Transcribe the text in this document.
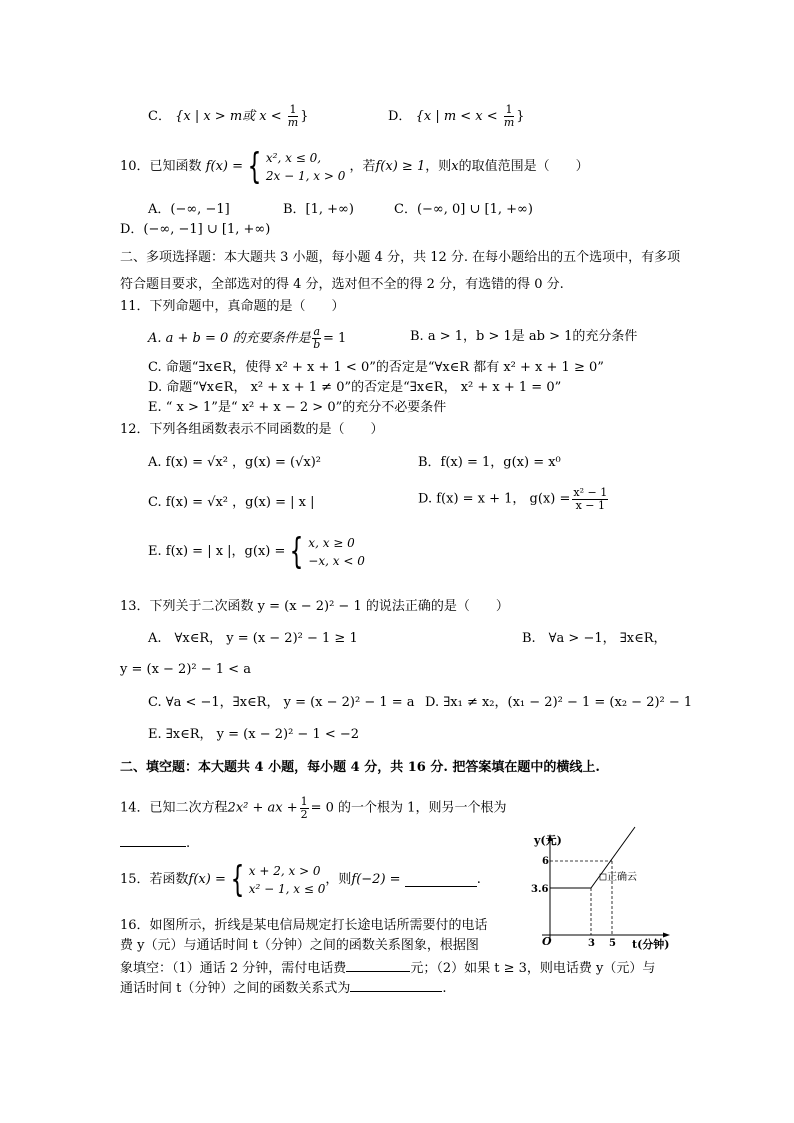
C． {x | x > m或 $x < \frac{1}{m}$ }	D． {x | $m < x < \frac{1}{m}$ }
10．已知函数 f(x) = { x², x ≤ 0,
2x − 1, x > 0
，若f(x) ≥ 1，则x的取值范围是（　　）
A．(−∞, −1]	B．[1, +∞)	C．(−∞, 0] ∪ [1, +∞)
D．(−∞, −1] ∪ [1, +∞)
二、多项选择题：本大题共 3 小题，每小题 4 分，共 12 分. 在每小题给出的五个选项中，有多项
符合题目要求，全部选对的得 4 分，选对但不全的得 2 分，有选错的得 0 分.
11．下列命题中，真命题的是（　　）
A. a + b = 0 的充要条件是 $\frac{a}{b} = 1$	B. a > 1，b > 1是 ab > 1的充分条件
C. 命题“∃x∈R，使得 x² + x + 1 < 0”的否定是“∀x∈R 都有 x² + x + 1 ≥ 0”
D. 命题“∀x∈R， x² + x + 1 ≠ 0”的否定是“∃x∈R， x² + x + 1 = 0”
E. “ x > 1”是“ x² + x − 2 > 0”的充分不必要条件
12．下列各组函数表示不同函数的是（　　）
A. f(x) = √x² ，g(x) = (√x)²	B．f(x) = 1，g(x) = x⁰
C. f(x) = √x² ，g(x) = | x |	D. f(x) = x + 1， $g(x) = \frac{\text{x² − 1}}{x - 1}$
E. f(x) = | x |，g(x) = { x, x ≥ 0
−x, x < 0
13．下列关于二次函数 y = (x − 2)² − 1 的说法正确的是（　　）
A.　∀x∈R， y = (x − 2)² − 1 ≥ 1	B.　∀a > −1， ∃x∈R，
y = (x − 2)² − 1 < a
C. ∀a < −1，∃x∈R， y = (x − 2)² − 1 = a D. ∃x₁ ≠ x₂，(x₁ − 2)² − 1 = (x₂ − 2)² − 1
E. ∃x∈R， y = (x − 2)² − 1 < −2
二、填空题：本大题共 4 小题，每小题 4 分，共 16 分. 把答案填在题中的横线上.
14．已知二次方程2x² + ax + $\frac{1}{2} = 0$ 的一个根为 1，则另一个根为
.
15．若函数f(x) = { x + 2, x > 0
x² − 1, x ≤ 0
，则f(−2) =	.
16．如图所示，折线是某电信局规定打长途电话所需要付的电话
费 y（元）与通话时间 t（分钟）之间的函数关系图象，根据图
象填空：（1）通话 2 分钟，需付电话费	元；（2）如果 t ≥ 3，则电话费 y（元）与
通话时间 t（分钟）之间的函数关系式为	.
y(元)
t(分钟)
O
6
3.6
3 5
正确云
